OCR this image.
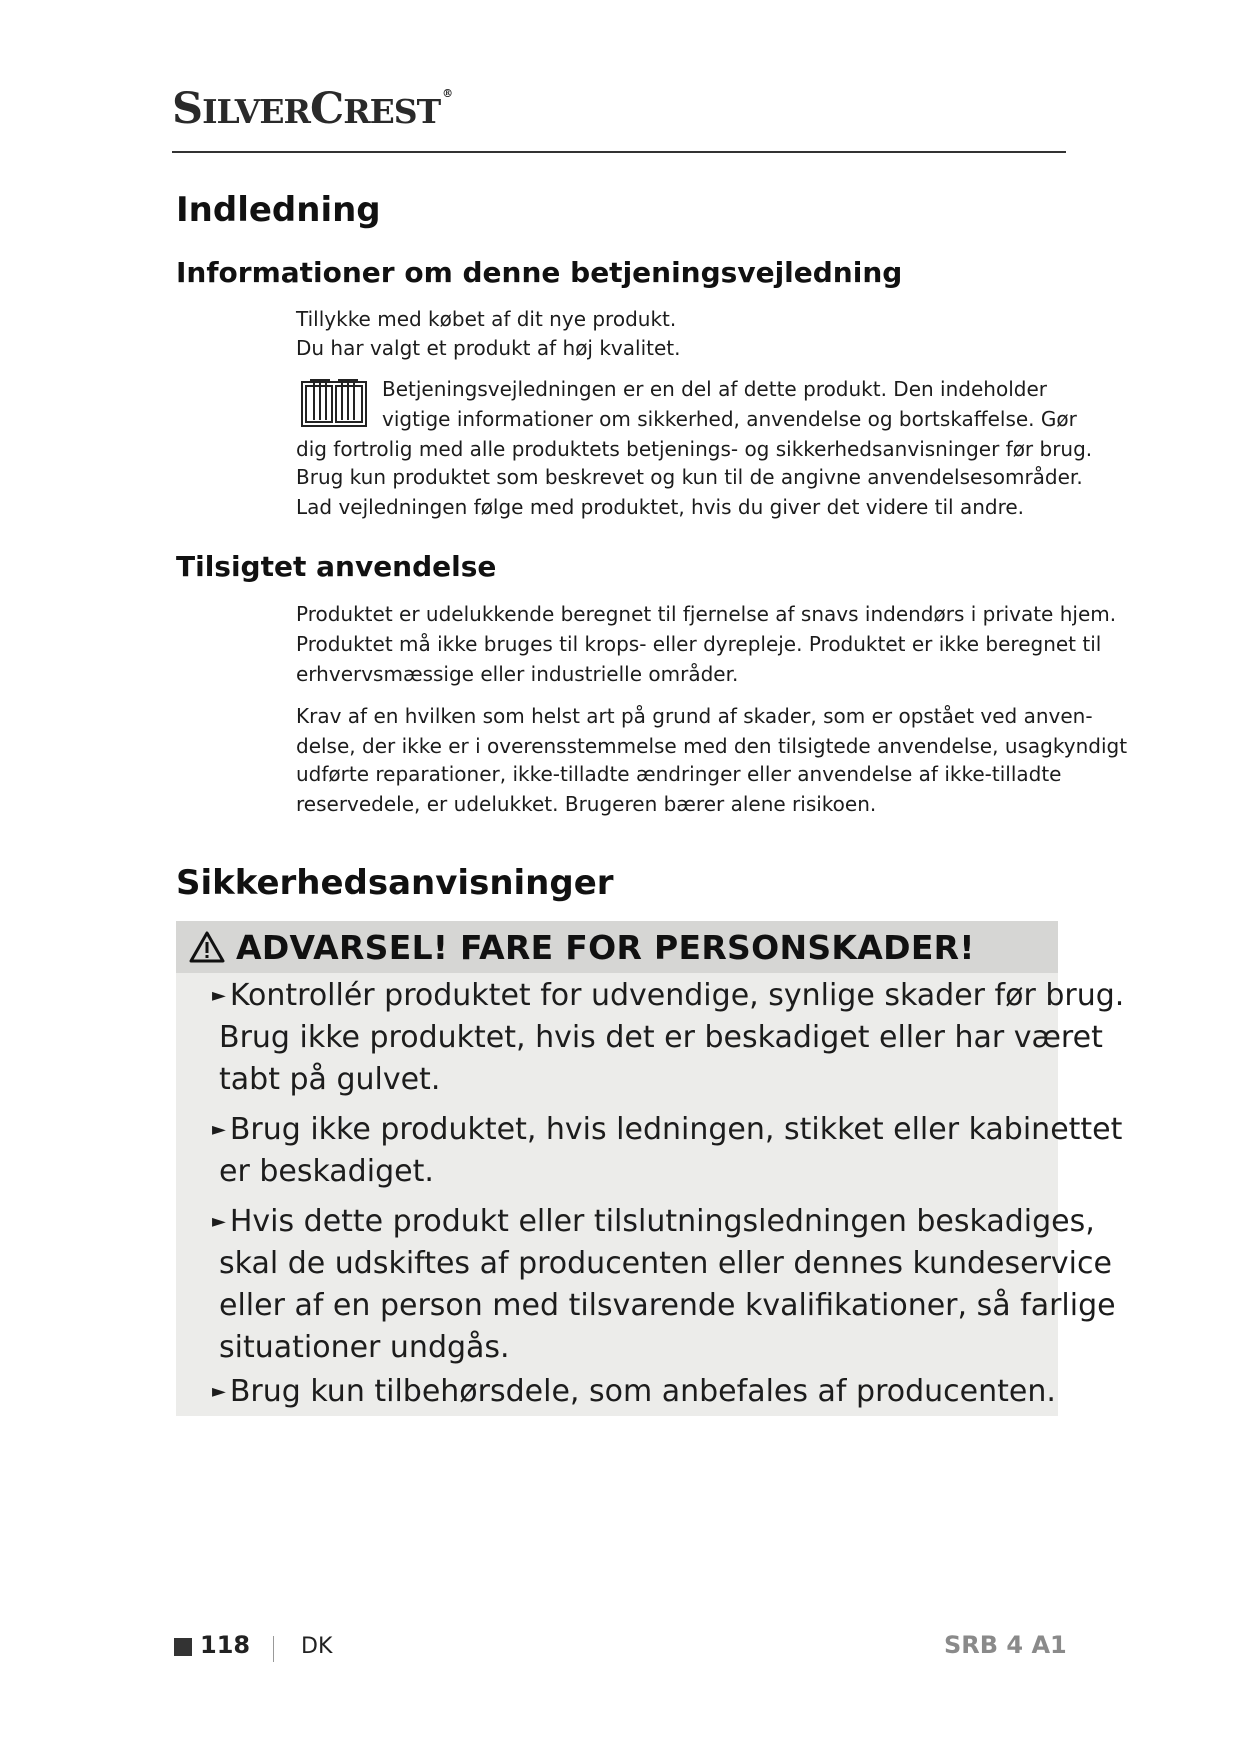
SILVERCREST ®
Indledning
Informationer om denne betjeningsvejledning

Tillykke med købet af dit nye produkt.

Du har valgt et produkt af høj kvalitet.

Betjeningsvejledningen er en del af dette produkt. Den indeholder

vigtige informationer om sikkerhed, anvendelse og bortskaffelse. Gør

dig fortrolig med alle produktets betjenings- og sikkerhedsanvisninger før brug.

Brug kun produktet som beskrevet og kun til de angivne anvendelsesområder.

Lad vejledningen følge med produktet, hvis du giver det videre til andre.

Tilsigtet anvendelse

Produktet er udelukkende beregnet til fjernelse af snavs indendørs i private hjem.

Produktet må ikke bruges til krops- eller dyrepleje. Produktet er ikke beregnet til

erhvervsmæssige eller industrielle områder.

Krav af en hvilken som helst art på grund af skader, som er opstået ved anven-

delse, der ikke er i overensstemmelse med den tilsigtede anvendelse, usagkyndigt

udførte reparationer, ikke-tilladte ændringer eller anvendelse af ikke-tilladte

reservedele, er udelukket. Brugeren bærer alene risikoen.

Sikkerhedsanvisninger

ADVARSEL! FARE FOR PERSONSKADER!

► Kontrollér produktet for udvendige, synlige skader før brug.

Brug ikke produktet, hvis det er beskadiget eller har været

tabt på gulvet.

► Brug ikke produktet, hvis ledningen, stikket eller kabinettet

er beskadiget.

► Hvis dette produkt eller tilslutningsledningen beskadiges,

skal de udskiftes af producenten eller dennes kundeservice

eller af en person med tilsvarende kvalifikationer, så farlige

situationer undgås.

► Brug kun tilbehørsdele, som anbefales af producenten.

118 DK	SRB 4 A1
